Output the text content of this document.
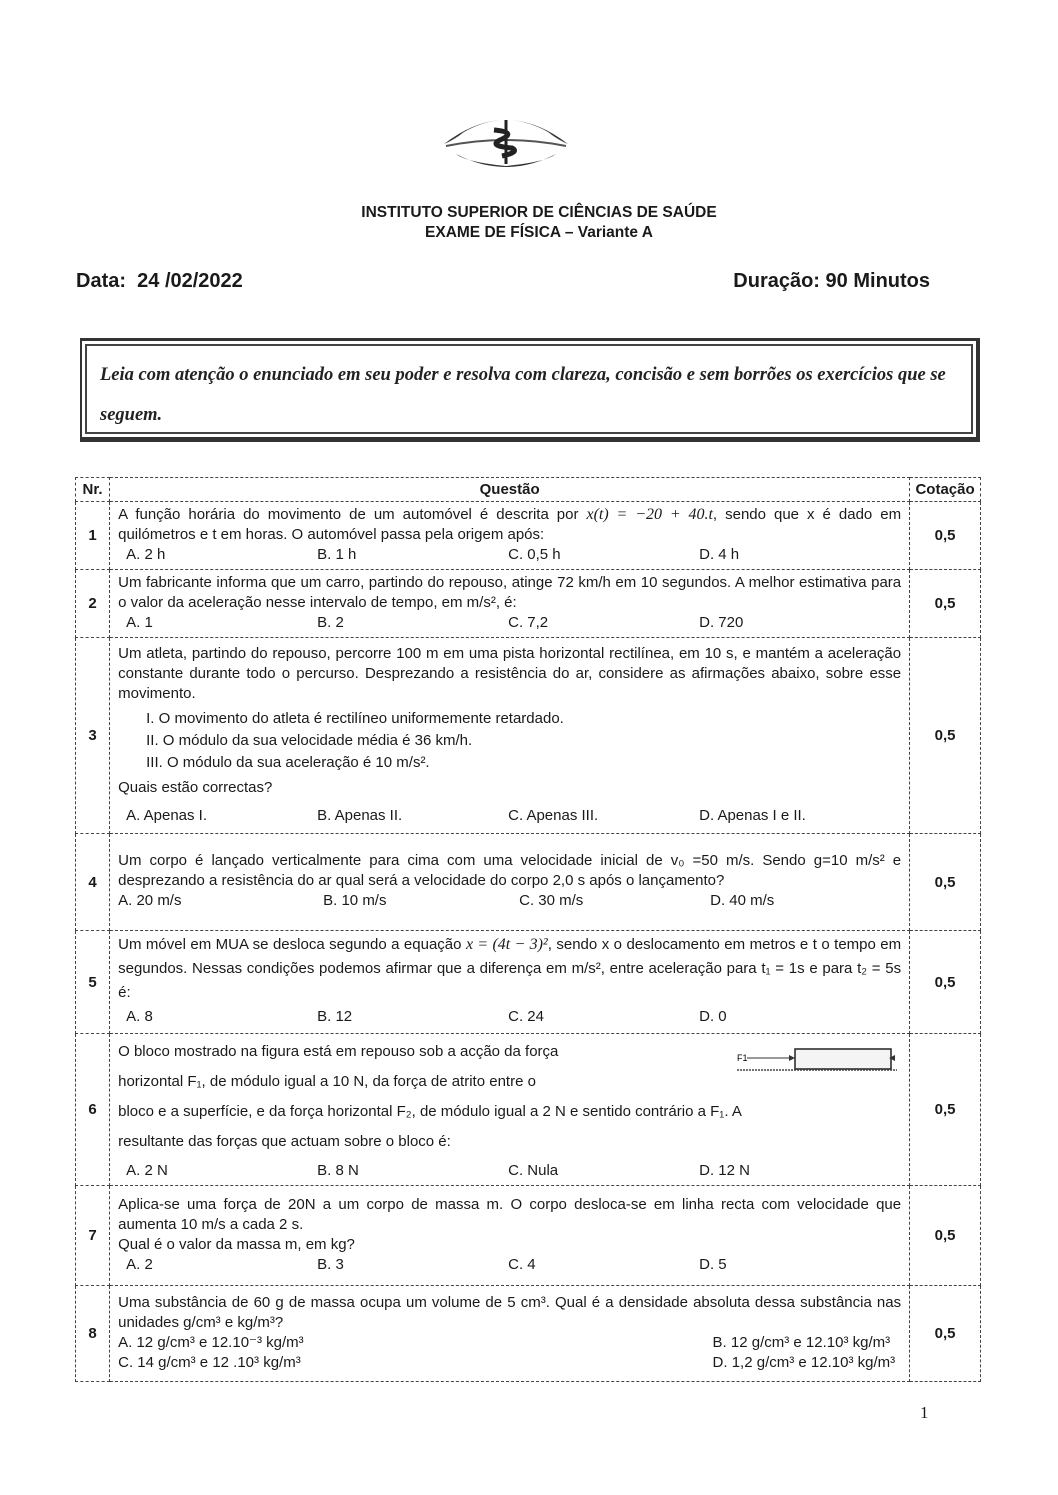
INSTITUTO SUPERIOR DE CIÊNCIAS DE SAÚDE
EXAME DE FÍSICA – Variante A
Data: 24 /02/2022	Duração: 90 Minutos

Leia com atenção o enunciado em seu poder e resolva com clareza, concisão e sem borrões os exercícios que se seguem.

Nr.	Questão	Cotação
1	A função horária do movimento de um automóvel é descrita por x(t) = −20 + 40.t, sendo que x é dado em quilómetros e t em horas. O automóvel passa pela origem após:
A. 2 h B. 1 h C. 0,5 h D. 4 h	0,5
2	Um fabricante informa que um carro, partindo do repouso, atinge 72 km/h em 10 segundos. A melhor estimativa para o valor da aceleração nesse intervalo de tempo, em m/s², é:
A. 1 B. 2 C. 7,2 D. 720	0,5
3	
Um atleta, partindo do repouso, percorre 100 m em uma pista horizontal rectilínea, em 10 s, e mantém a aceleração constante durante todo o percurso. Desprezando a resistência do ar, considere as afirmações abaixo, sobre esse movimento.
I. O movimento do atleta é rectilíneo uniformemente retardado.
II. O módulo da sua velocidade média é 36 km/h.
III. O módulo da sua aceleração é 10 m/s².
Quais estão correctas?
A. Apenas I.	B. Apenas II.	C. Apenas III.	D. Apenas I e II.
	0,5
4	Um corpo é lançado verticalmente para cima com uma velocidade inicial de v₀ =50 m/s. Sendo g=10 m/s² e desprezando a resistência do ar qual será a velocidade do corpo 2,0 s após o lançamento?
A. 20 m/s B. 10 m/s C. 30 m/s D. 40 m/s	0,5
5	Um móvel em MUA se desloca segundo a equação x = (4t − 3)², sendo x o deslocamento em metros e t o tempo em segundos. Nessas condições podemos afirmar que a diferença em m/s², entre aceleração para t₁ = 1s e para t₂ = 5s é:
A. 8 B. 12 C. 24 D. 0	0,5
6	
F1
O bloco mostrado na figura está em repouso sob a acção da força
horizontal F₁, de módulo igual a 10 N, da força de atrito entre o
bloco e a superfície, e da força horizontal F₂, de módulo igual a 2 N e sentido contrário a F₁. A
resultante das forças que actuam sobre o bloco é:
A. 2 N	B. 8 N	C. Nula	D. 12 N
	0,5
7	
Aplica-se uma força de 20N a um corpo de massa m. O corpo desloca-se em linha recta com velocidade que aumenta 10 m/s a cada 2 s.
Qual é o valor da massa m, em kg?
A. 2	B. 3	C. 4	D. 5
	0,5
8	Uma substância de 60 g de massa ocupa um volume de 5 cm³. Qual é a densidade absoluta dessa substância nas unidades g/cm³ e kg/m³?
A. 12 g/cm³ e 12.10⁻³ kg/m³ B. 12 g/cm³ e 12.10³ kg/m³
C. 14 g/cm³ e 12 .10³ kg/m³ D. 1,2 g/cm³ e 12.10³ kg/m³	0,5
1
